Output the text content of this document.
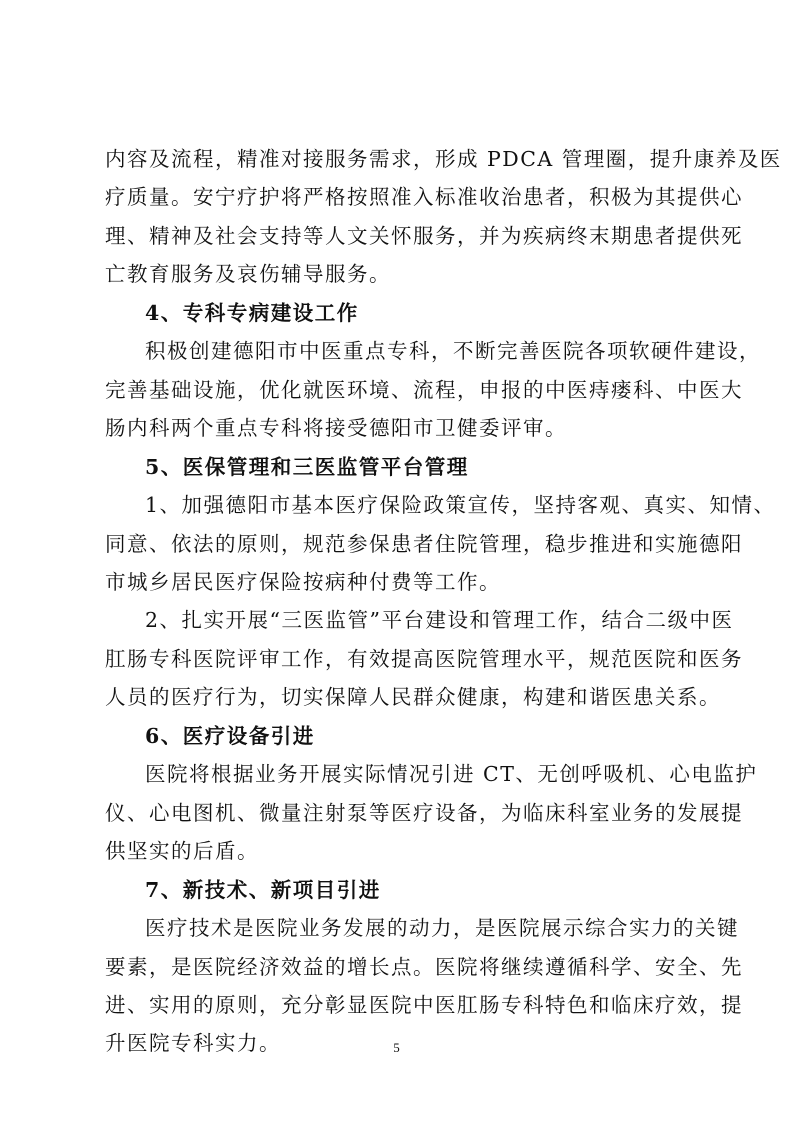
内容及流程，精准对接服务需求，形成 PDCA 管理圈，提升康养及医
疗质量。安宁疗护将严格按照准入标准收治患者，积极为其提供心
理、精神及社会支持等人文关怀服务，并为疾病终末期患者提供死
亡教育服务及哀伤辅导服务。
4、专科专病建设工作
积极创建德阳市中医重点专科，不断完善医院各项软硬件建设，
完善基础设施，优化就医环境、流程，申报的中医痔瘘科、中医大
肠内科两个重点专科将接受德阳市卫健委评审。
5、医保管理和三医监管平台管理
1、加强德阳市基本医疗保险政策宣传，坚持客观、真实、知情、
同意、依法的原则，规范参保患者住院管理，稳步推进和实施德阳
市城乡居民医疗保险按病种付费等工作。
2、扎实开展“三医监管”平台建设和管理工作，结合二级中医
肛肠专科医院评审工作，有效提高医院管理水平，规范医院和医务
人员的医疗行为，切实保障人民群众健康，构建和谐医患关系。
6、医疗设备引进
医院将根据业务开展实际情况引进 CT、无创呼吸机、心电监护
仪、心电图机、微量注射泵等医疗设备，为临床科室业务的发展提
供坚实的后盾。
7、新技术、新项目引进
医疗技术是医院业务发展的动力，是医院展示综合实力的关键
要素，是医院经济效益的增长点。医院将继续遵循科学、安全、先
进、实用的原则，充分彰显医院中医肛肠专科特色和临床疗效，提
升医院专科实力。	5
